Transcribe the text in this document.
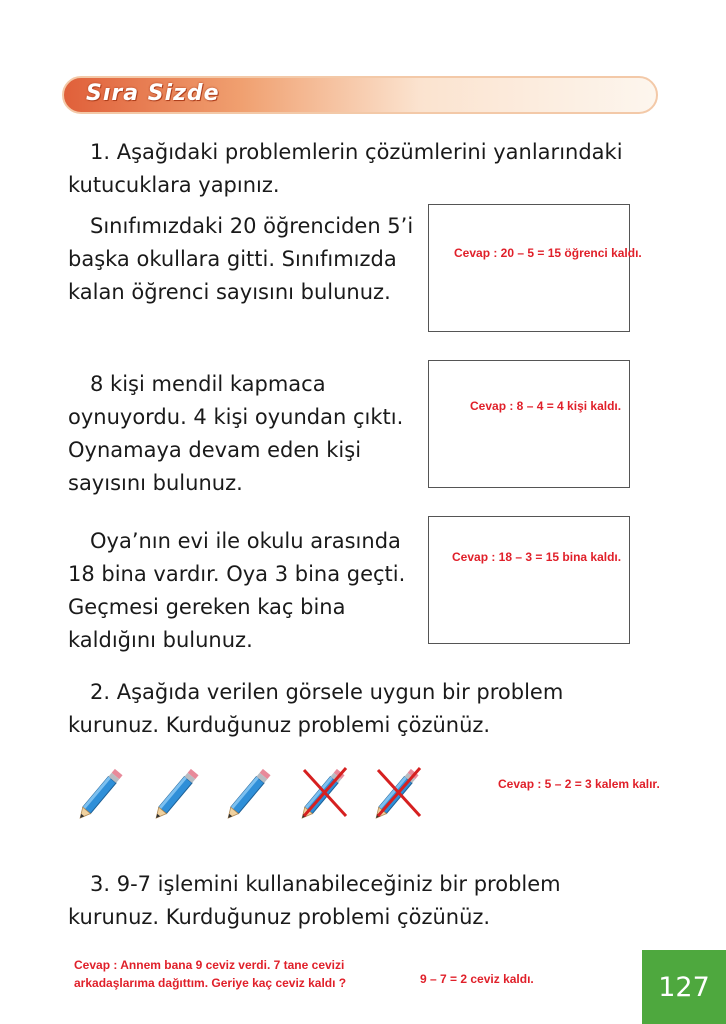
Sıra Sizde
1. Aşağıdaki problemlerin çözümlerini yanlarındaki kutucuklara yapınız.
Sınıfımızdaki 20 öğrenciden 5’i başka okullara gitti. Sınıfımızda kalan öğrenci sayısını bulunuz.
Cevap : 20 – 5 = 15 öğrenci kaldı.
8 kişi mendil kapmaca oynuyordu. 4 kişi oyundan çıktı. Oynamaya devam eden kişi sayısını bulunuz.
Cevap : 8 – 4 = 4 kişi kaldı.
Oya’nın evi ile okulu arasında 18 bina vardır. Oya 3 bina geçti. Geçmesi gereken kaç bina kaldığını bulunuz.
Cevap : 18 – 3 = 15 bina kaldı.
2. Aşağıda verilen görsele uygun bir problem kurunuz. Kurduğunuz problemi çözünüz.
Cevap : 5 – 2 = 3 kalem kalır.
3. 9-7 işlemini kullanabileceğiniz bir problem kurunuz. Kurduğunuz problemi çözünüz.
Cevap : Annem bana 9 ceviz verdi. 7 tane cevizi
arkadaşlarıma dağıttım. Geriye kaç ceviz kaldı ?	9 – 7 = 2 ceviz kaldı.	127
